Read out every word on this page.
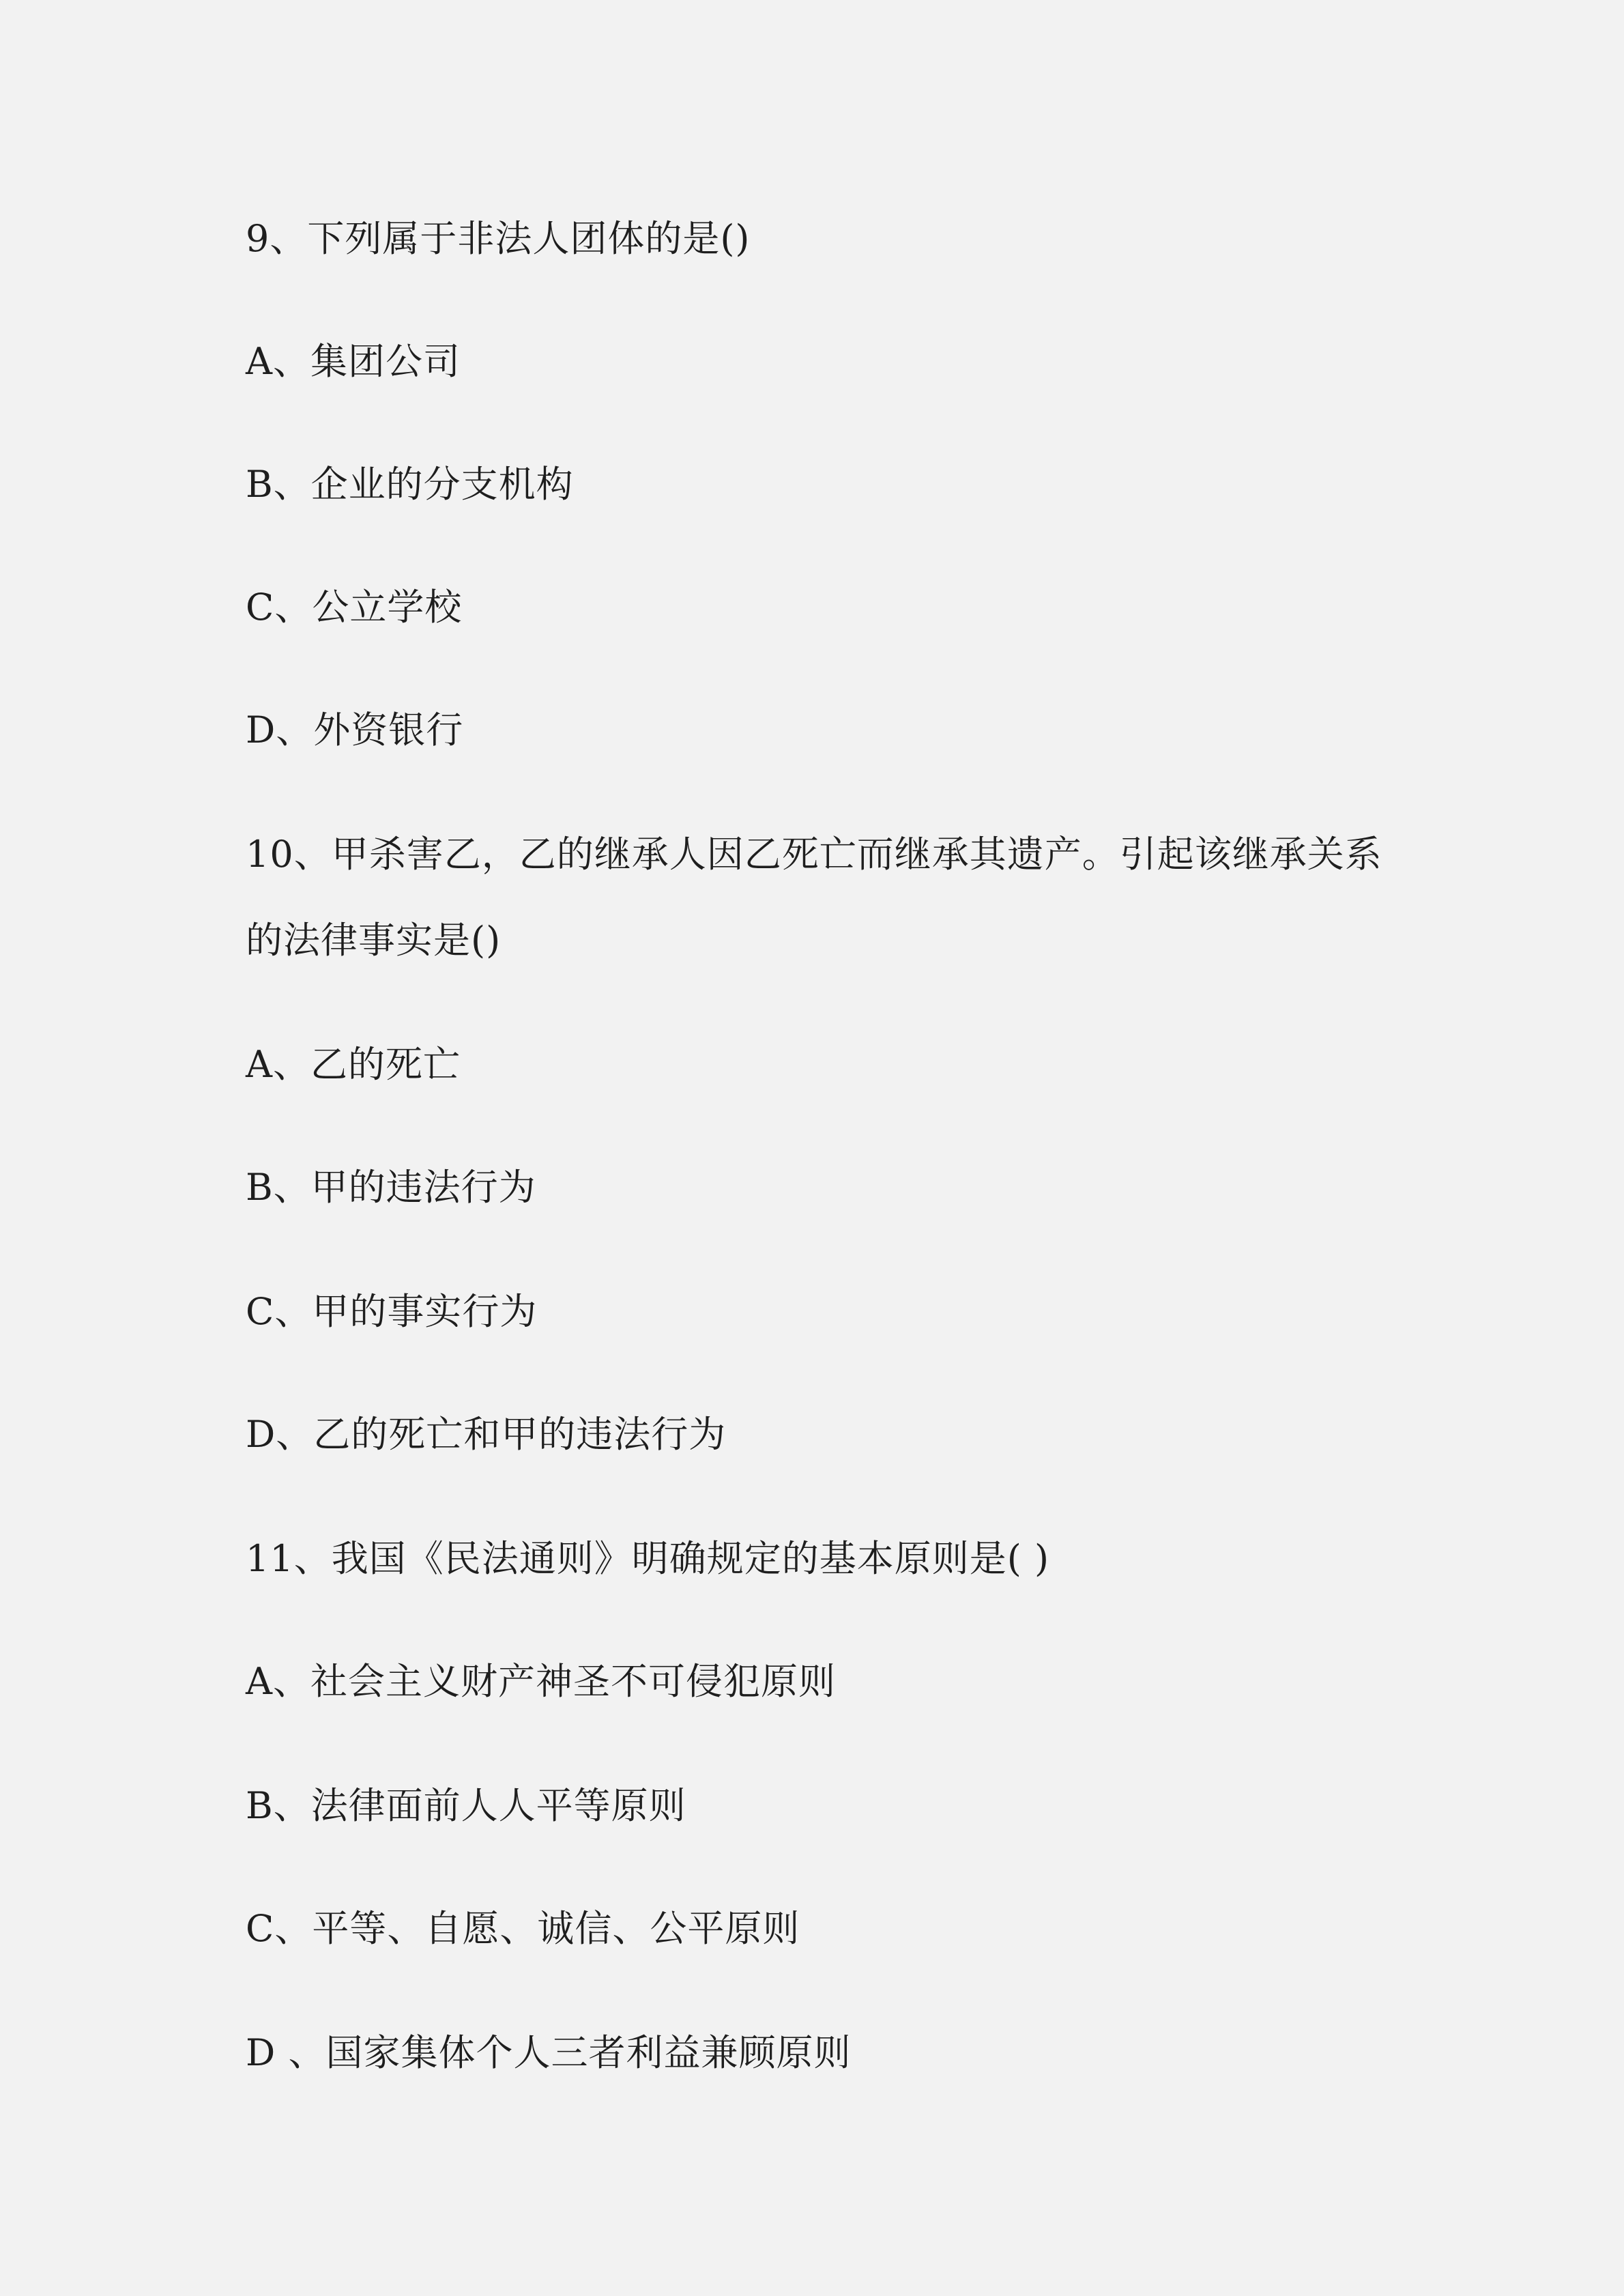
9、下列属于非法人团体的是()
A、集团公司
B、企业的分支机构
C、公立学校
D、外资银行
10、甲杀害乙，乙的继承人因乙死亡而继承其遗产。引起该继承关系
的法律事实是()
A、乙的死亡
B、甲的违法行为
C、甲的事实行为
D、乙的死亡和甲的违法行为
11、我国《民法通则》明确规定的基本原则是( )
A、社会主义财产神圣不可侵犯原则
B、法律面前人人平等原则
C、平等、自愿、诚信、公平原则
D 、国家集体个人三者利益兼顾原则
